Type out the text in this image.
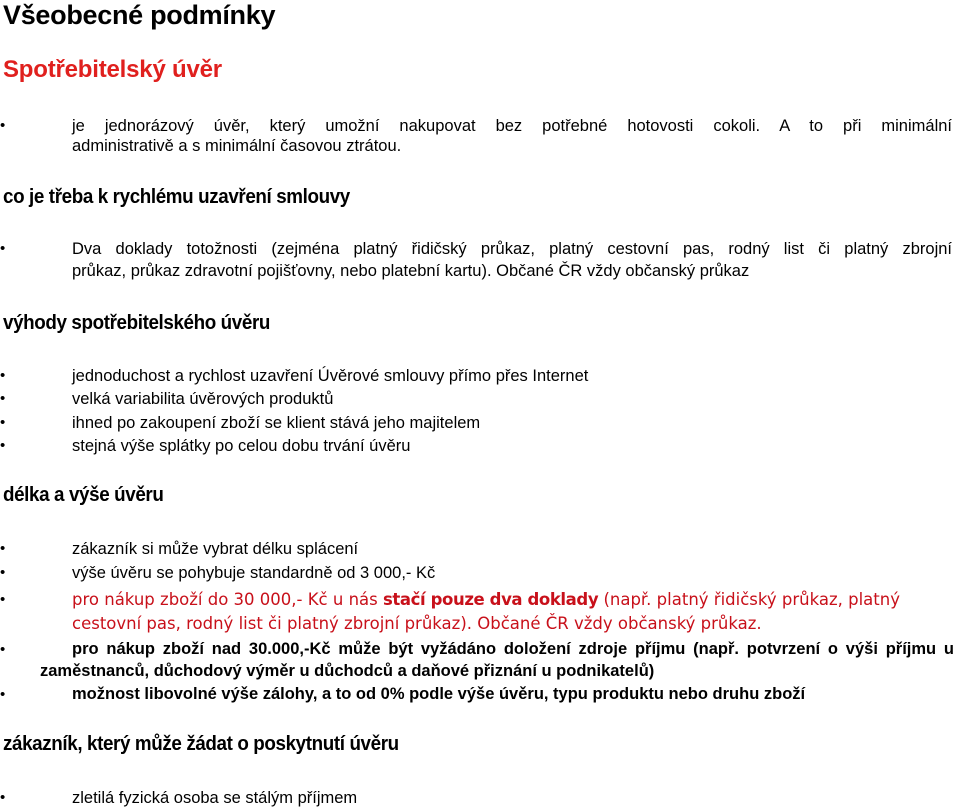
Všeobecné podmínky
Spotřebitelský úvěr
•	je jednorázový úvěr, který umožní nakupovat bez potřebné hotovosti cokoli. A to při minimální
administrativě a s minimální časovou ztrátou.
co je třeba k rychlému uzavření smlouvy
•	Dva doklady totožnosti (zejména platný řidičský průkaz, platný cestovní pas, rodný list či platný zbrojní
průkaz, průkaz zdravotní pojišťovny, nebo platební kartu). Občané ČR vždy občanský průkaz
výhody spotřebitelského úvěru
•	jednoduchost a rychlost uzavření Úvěrové smlouvy přímo přes Internet
•	velká variabilita úvěrových produktů
•	ihned po zakoupení zboží se klient stává jeho majitelem
•	stejná výše splátky po celou dobu trvání úvěru
délka a výše úvěru
•	zákazník si může vybrat délku splácení
•	výše úvěru se pohybuje standardně od 3 000,- Kč
•	pro nákup zboží do 30 000,- Kč u nás stačí pouze dva doklady (např. platný řidičský průkaz, platný
cestovní pas, rodný list či platný zbrojní průkaz). Občané ČR vždy občanský průkaz.
•	pro nákup zboží nad 30.000,-Kč může být vyžádáno doložení zdroje příjmu (např. potvrzení o výši příjmu u
zaměstnanců, důchodový výměr u důchodců a daňové přiznání u podnikatelů)
•	možnost libovolné výše zálohy, a to od 0% podle výše úvěru, typu produktu nebo druhu zboží
zákazník, který může žádat o poskytnutí úvěru
•	zletilá fyzická osoba se stálým příjmem
